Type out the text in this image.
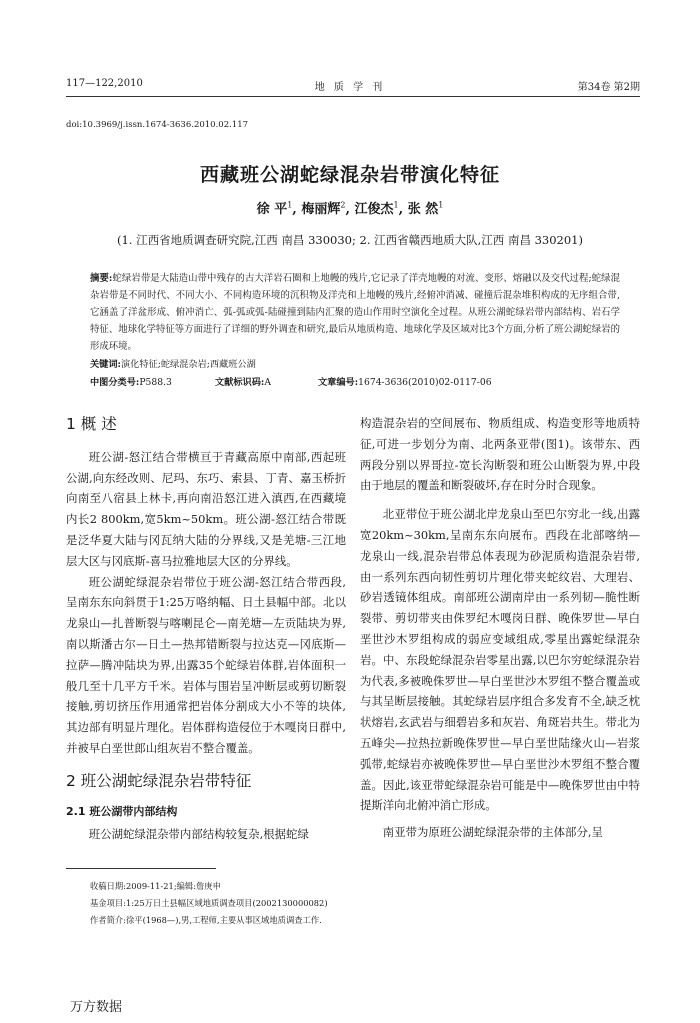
117—122,2010	地 质 学 刊	第34卷 第2期
doi:10.3969/j.issn.1674-3636.2010.02.117
西藏班公湖蛇绿混杂岩带演化特征
徐 平$^1$, 梅丽辉$^2$, 江俊杰$^1$, 张 然$^1$
(1. 江西省地质调查研究院,江西 南昌 330030; 2. 江西省赣西地质大队,江西 南昌 330201)
摘要:蛇绿岩带是大陆造山带中残存的古大洋岩石圈和上地幔的残片,它记录了洋壳地幔的对流、变形、熔融以及交代过程;蛇绿混杂岩带是不同时代、不同大小、不同构造环境的沉积物及洋壳和上地幔的残片,经俯冲消减、碰撞后混杂堆积构成的无序组合带,它涵盖了洋盆形成、俯冲消亡、弧-弧或弧-陆碰撞到陆内汇聚的造山作用时空演化全过程。从班公湖蛇绿岩带内部结构、岩石学特征、地球化学特征等方面进行了详细的野外调查和研究,最后从地质构造、地球化学及区域对比3个方面,分析了班公湖蛇绿岩的形成环境。
关键词:演化特征;蛇绿混杂岩;西藏班公湖
中图分类号:P588.3	文献标识码:A	文章编号:1674-3636(2010)02-0117-06
1 概 述

班公湖-怒江结合带横亘于青藏高原中南部,西起班公湖,向东经改则、尼玛、东巧、索县、丁青、嘉玉桥折向南至八宿县上林卡,再向南沿怒江进入滇西,在西藏境内长2 800km,宽5km~50km。班公湖-怒江结合带既是泛华夏大陆与冈瓦纳大陆的分界线,又是羌塘-三江地层大区与冈底斯-喜马拉雅地层大区的分界线。

班公湖蛇绿混杂岩带位于班公湖-怒江结合带西段,呈南东东向斜贯于1:25万咯纳幅、日土县幅中部。北以龙泉山—扎普断裂与喀喇昆仑—南羌塘—左贡陆块为界,南以斯潘古尔—日土—热邦错断裂与拉达克—冈底斯—拉萨—腾冲陆块为界,出露35个蛇绿岩体群,岩体面积一般几至十几平方千米。岩体与围岩呈冲断层或剪切断裂接触,剪切挤压作用通常把岩体分割成大小不等的块体,其边部有明显片理化。岩体群构造侵位于木嘎岗日群中,并被早白垩世郎山组灰岩不整合覆盖。

2 班公湖蛇绿混杂岩带特征
2.1 班公湖带内部结构

班公湖蛇绿混杂带内部结构较复杂,根据蛇绿

构造混杂岩的空间展布、物质组成、构造变形等地质特征,可进一步划分为南、北两条亚带(图1)。该带东、西两段分别以界哥拉-宽长沟断裂和班公山断裂为界,中段由于地层的覆盖和断裂破坏,存在时分时合现象。

北亚带位于班公湖北岸龙泉山至巴尔穷北一线,出露宽20km~30km,呈南东东向展布。西段在北部喀纳—龙泉山一线,混杂岩带总体表现为砂泥质构造混杂岩带,由一系列东西向韧性剪切片理化带夹蛇纹岩、大理岩、砂岩透镜体组成。南部班公湖南岸由一系列韧—脆性断裂带、剪切带夹由侏罗纪木嘎岗日群、晚侏罗世—早白垩世沙木罗组构成的弱应变域组成,零星出露蛇绿混杂岩。中、东段蛇绿混杂岩零星出露,以巴尔穷蛇绿混杂岩为代表,多被晚侏罗世—早白垩世沙木罗组不整合覆盖或与其呈断层接触。其蛇绿岩层序组合多发育不全,缺乏枕状熔岩,玄武岩与细碧岩多和灰岩、角斑岩共生。带北为五峰尖—拉热拉新晚侏罗世—早白垩世陆缘火山—岩浆弧带,蛇绿岩亦被晚侏罗世—早白垩世沙木罗组不整合覆盖。因此,该亚带蛇绿混杂岩可能是中—晚侏罗世由中特提斯洋向北俯冲消亡形成。

南亚带为原班公湖蛇绿混杂带的主体部分,呈

收稿日期:2009-11-21;编辑:詹庚申
基金项目:1:25万日土县幅区域地质调查项目(2002130000082)
作者简介:徐平(1968—),男,工程师,主要从事区域地质调查工作.
万方数据
